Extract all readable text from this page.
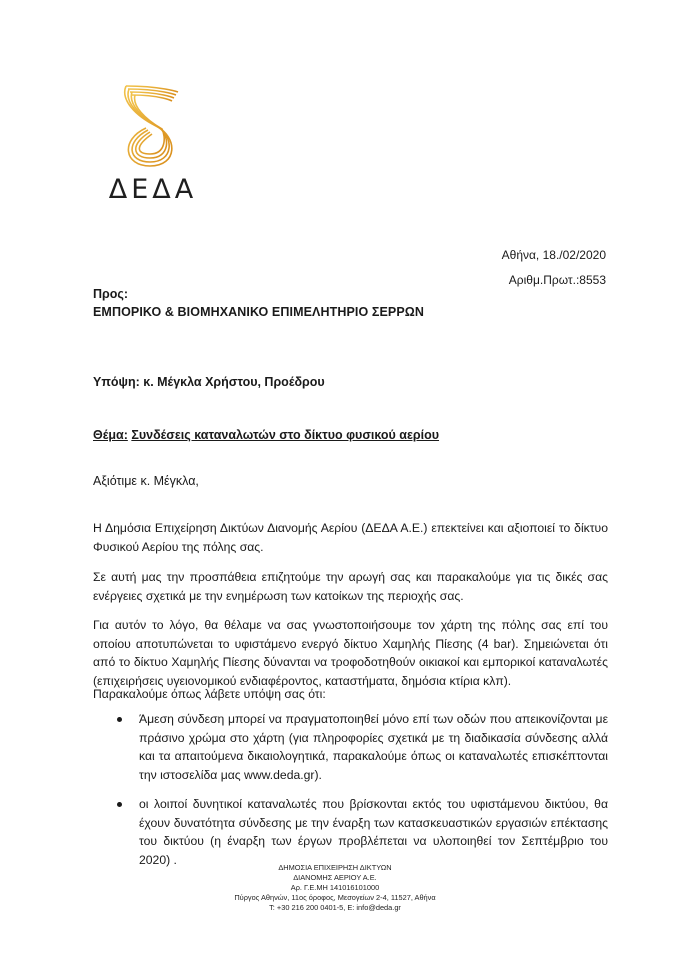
ΔΕΔΑ
Αθήνα, 18./02/2020
Αριθμ.Πρωτ.:8553
Προς:
ΕΜΠΟΡΙΚΟ & ΒΙΟΜΗΧΑΝΙΚΟ ΕΠΙΜΕΛΗΤΗΡΙΟ ΣΕΡΡΩΝ
Υπόψη: κ. Μέγκλα Χρήστου, Προέδρου
Θέμα: Συνδέσεις καταναλωτών στο δίκτυο φυσικού αερίου
Αξιότιμε κ. Μέγκλα,

Η Δημόσια Επιχείρηση Δικτύων Διανομής Αερίου (ΔΕΔΑ Α.Ε.) επεκτείνει και αξιοποιεί το δίκτυο Φυσικού Αερίου της πόλης σας.

Σε αυτή μας την προσπάθεια επιζητούμε την αρωγή σας και παρακαλούμε για τις δικές σας ενέργειες σχετικά με την ενημέρωση των κατοίκων της περιοχής σας.

Για αυτόν το λόγο, θα θέλαμε να σας γνωστοποιήσουμε τον χάρτη της πόλης σας επί του οποίου αποτυπώνεται το υφιστάμενο ενεργό δίκτυο Χαμηλής Πίεσης (4 bar). Σημειώνεται ότι από το δίκτυο Χαμηλής Πίεσης δύνανται να τροφοδοτηθούν οικιακοί και εμπορικοί καταναλωτές (επιχειρήσεις υγειονομικού ενδιαφέροντος, καταστήματα, δημόσια κτίρια κλπ).

Παρακαλούμε όπως λάβετε υπόψη σας ότι:

Άμεση σύνδεση μπορεί να πραγματοποιηθεί μόνο επί των οδών που απεικονίζονται με πράσινο χρώμα στο χάρτη (για πληροφορίες σχετικά με τη διαδικασία σύνδεσης αλλά και τα απαιτούμενα δικαιολογητικά, παρακαλούμε όπως οι καταναλωτές επισκέπτονται την ιστοσελίδα μας www.deda.gr).
οι λοιποί δυνητικοί καταναλωτές που βρίσκονται εκτός του υφιστάμενου δικτύου, θα έχουν δυνατότητα σύνδεσης με την έναρξη των κατασκευαστικών εργασιών επέκτασης του δικτύου (η έναρξη των έργων προβλέπεται να υλοποιηθεί τον Σεπτέμβριο του 2020) .
ΔΗΜΟΣΙΑ ΕΠΙΧΕΙΡΗΣΗ ΔΙΚΤΥΩΝ
ΔΙΑΝΟΜΗΣ ΑΕΡΙΟΥ Α.Ε.
Αρ. Γ.Ε.ΜΗ 141016101000
Πύργος Αθηνών, 11ος όροφος, Μεσογείων 2-4, 11527, Αθήνα
T: +30 216 200 0401-5, E: info@deda.gr
